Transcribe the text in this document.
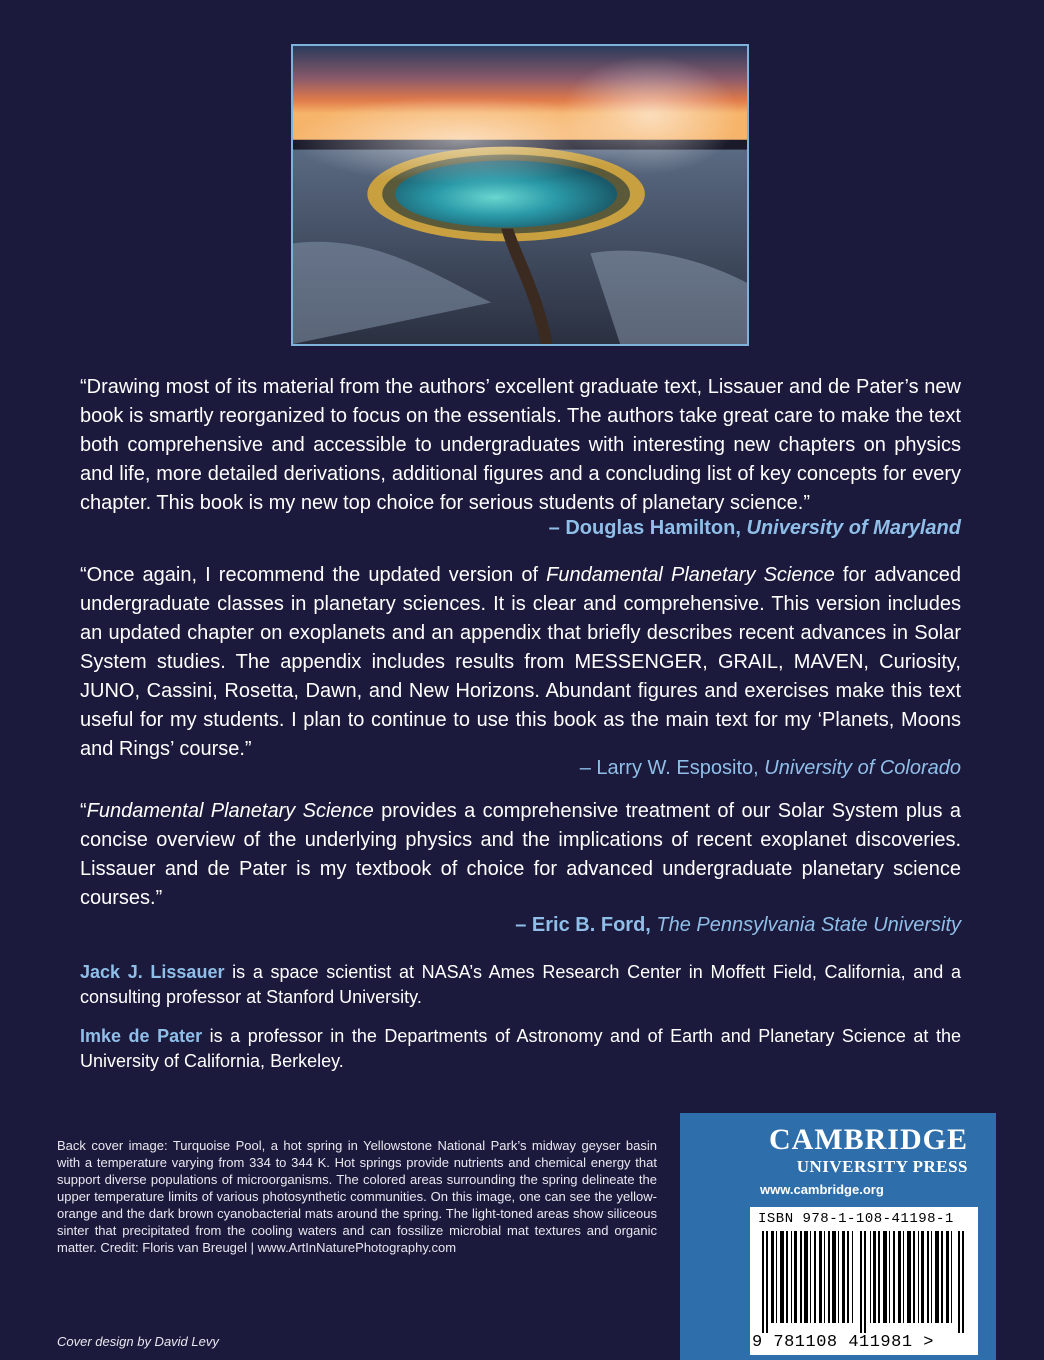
“Drawing most of its material from the authors’ excellent graduate text, Lissauer and de Pater’s new book is smartly reorganized to focus on the essentials. The authors take great care to make the text both comprehensive and accessible to undergraduates with interesting new chapters on physics and life, more detailed derivations, additional figures and a concluding list of key concepts for every chapter. This book is my new top choice for serious students of planetary science.”

– Douglas Hamilton, University of Maryland

“Once again, I recommend the updated version of Fundamental Planetary Science for advanced undergraduate classes in planetary sciences. It is clear and comprehensive. This version includes an updated chapter on exoplanets and an appendix that briefly describes recent advances in Solar System studies. The appendix includes results from MESSENGER, GRAIL, MAVEN, Curiosity, JUNO, Cassini, Rosetta, Dawn, and New Horizons. Abundant figures and exercises make this text useful for my students. I plan to continue to use this book as the main text for my ‘Planets, Moons and Rings’ course.”

– Larry W. Esposito, University of Colorado

“Fundamental Planetary Science provides a comprehensive treatment of our Solar System plus a concise overview of the underlying physics and the implications of recent exoplanet discoveries. Lissauer and de Pater is my textbook of choice for advanced undergraduate planetary science courses.”

– Eric B. Ford, The Pennsylvania State University

Jack J. Lissauer is a space scientist at NASA’s Ames Research Center in Moffett Field, California, and a consulting professor at Stanford University.

Imke de Pater is a professor in the Departments of Astronomy and of Earth and Planetary Science at the University of California, Berkeley.

Back cover image: Turquoise Pool, a hot spring in Yellowstone National Park’s midway geyser basin with a temperature varying from 334 to 344 K. Hot springs provide nutrients and chemical energy that support diverse populations of microorganisms. The colored areas surrounding the spring delineate the upper temperature limits of various photosynthetic communities. On this image, one can see the yellow-orange and the dark brown cyanobacterial mats around the spring. The light-toned areas show siliceous sinter that precipitated from the cooling waters and can fossilize microbial mat textures and organic matter. Credit: Floris van Breugel | www.ArtInNaturePhotography.com

Cover design by David Levy
CAMBRIDGE
UNIVERSITY PRESS
www.cambridge.org
ISBN 978-1-108-41198-1
9 781108 411981 >
